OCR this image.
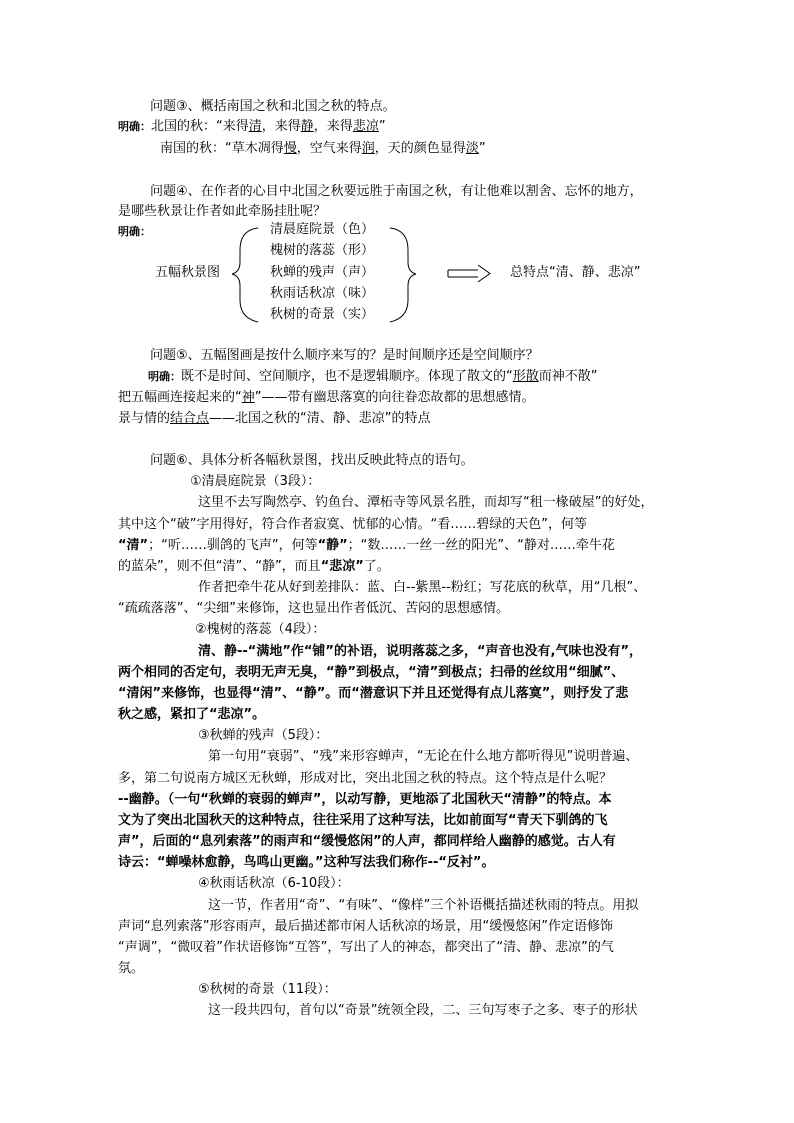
问题③、概括南国之秋和北国之秋的特点。
明确：北国的秋：“来得清，来得静，来得悲凉”
南国的秋：“草木凋得慢，空气来得润，天的颜色显得淡”
问题④、在作者的心目中北国之秋要远胜于南国之秋，有让他难以割舍、忘怀的地方，
是哪些秋景让作者如此牵肠挂肚呢？
明确：
五幅秋景图
清晨庭院景（色）
槐树的落蕊（形）
秋蝉的残声（声）
秋雨话秋凉（味）
秋树的奇景（实）
总特点“清、静、悲凉”
问题⑤、五幅图画是按什么顺序来写的？是时间顺序还是空间顺序？
明确：既不是时间、空间顺序，也不是逻辑顺序。体现了散文的“形散而神不散”
把五幅画连接起来的“神”——带有幽思落寞的向往眷恋故都的思想感情。
景与情的结合点——北国之秋的“清、静、悲凉”的特点
问题⑥、具体分析各幅秋景图，找出反映此特点的语句。
①清晨庭院景（3段）：
这里不去写陶然亭、钓鱼台、潭柘寺等风景名胜，而却写“租一椽破屋”的好处，
其中这个“破”字用得好，符合作者寂寞、忧郁的心情。“看……碧绿的天色”，何等
“清”；“听……驯鸽的飞声”，何等“静”；“数……一丝一丝的阳光”、“静对……牵牛花
的蓝朵”，则不但“清”、“静”，而且“悲凉”了。
作者把牵牛花从好到差排队：蓝、白--紫黑--粉红；写花底的秋草，用“几根”、
“疏疏落落”、“尖细”来修饰，这也显出作者低沉、苦闷的思想感情。
②槐树的落蕊（4段）：
清、静--“满地”作“铺”的补语，说明落蕊之多，“声音也没有,气味也没有”，
两个相同的否定句，表明无声无臭，“静”到极点，“清”到极点；扫帚的丝纹用“细腻”、
“清闲”来修饰，也显得“清”、“静”。而“潜意识下并且还觉得有点儿落寞”，则抒发了悲
秋之感，紧扣了“悲凉”。
③秋蝉的残声（5段）：
第一句用“衰弱”、“残”来形容蝉声，“无论在什么地方都听得见”说明普遍、
多，第二句说南方城区无秋蝉，形成对比，突出北国之秋的特点。这个特点是什么呢？
--幽静。（一句“秋蝉的衰弱的蝉声”，以动写静，更地添了北国秋天“清静”的特点。本
文为了突出北国秋天的这种特点，往往采用了这种写法，比如前面写“青天下驯鸽的飞
声”，后面的“息列索落”的雨声和“缓慢悠闲”的人声，都同样给人幽静的感觉。古人有
诗云：“蝉噪林愈静，鸟鸣山更幽。”这种写法我们称作--“反衬”。
④秋雨话秋凉（6-10段）：
这一节，作者用“奇”、“有味”、“像样”三个补语概括描述秋雨的特点。用拟
声词“息列索落”形容雨声，最后描述都市闲人话秋凉的场景，用“缓慢悠闲”作定语修饰
“声调”，“微叹着”作状语修饰“互答”，写出了人的神态，都突出了“清、静、悲凉”的气
氛。
⑤秋树的奇景（11段）：
这一段共四句，首句以“奇景”统领全段，二、三句写枣子之多、枣子的形状
